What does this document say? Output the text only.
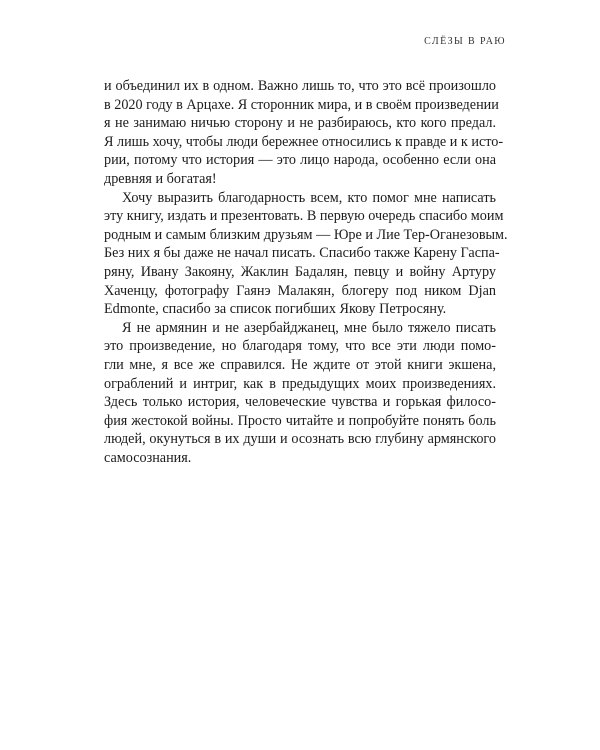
СЛЁЗЫ В РАЮ
и объединил их в одном. Важно лишь то, что это всё произошло
в 2020 году в Арцахе. Я сторонник мира, и в своём произведении
я не занимаю ничью сторону и не разбираюсь, кто кого предал.
Я лишь хочу, чтобы люди бережнее относились к правде и к исто-
рии, потому что история — это лицо народа, особенно если она
древняя и богатая!
Хочу выразить благодарность всем, кто помог мне написать
эту книгу, издать и презентовать. В первую очередь спасибо моим
родным и самым близким друзьям — Юре и Лие Тер-Оганезовым.
Без них я бы даже не начал писать. Спасибо также Карену Гаспа-
ряну, Ивану Закояну, Жаклин Бадалян, певцу и войну Артуру
Хаченцу, фотографу Гаянэ Малакян, блогеру под ником Djan
Edmonte, спасибо за список погибших Якову Петросяну.
Я не армянин и не азербайджанец, мне было тяжело писать
это произведение, но благодаря тому, что все эти люди помо-
гли мне, я все же справился. Не ждите от этой книги экшена,
ограблений и интриг, как в предыдущих моих произведениях.
Здесь только история, человеческие чувства и горькая филосо-
фия жестокой войны. Просто читайте и попробуйте понять боль
людей, окунуться в их души и осознать всю глубину армянского
самосознания.
